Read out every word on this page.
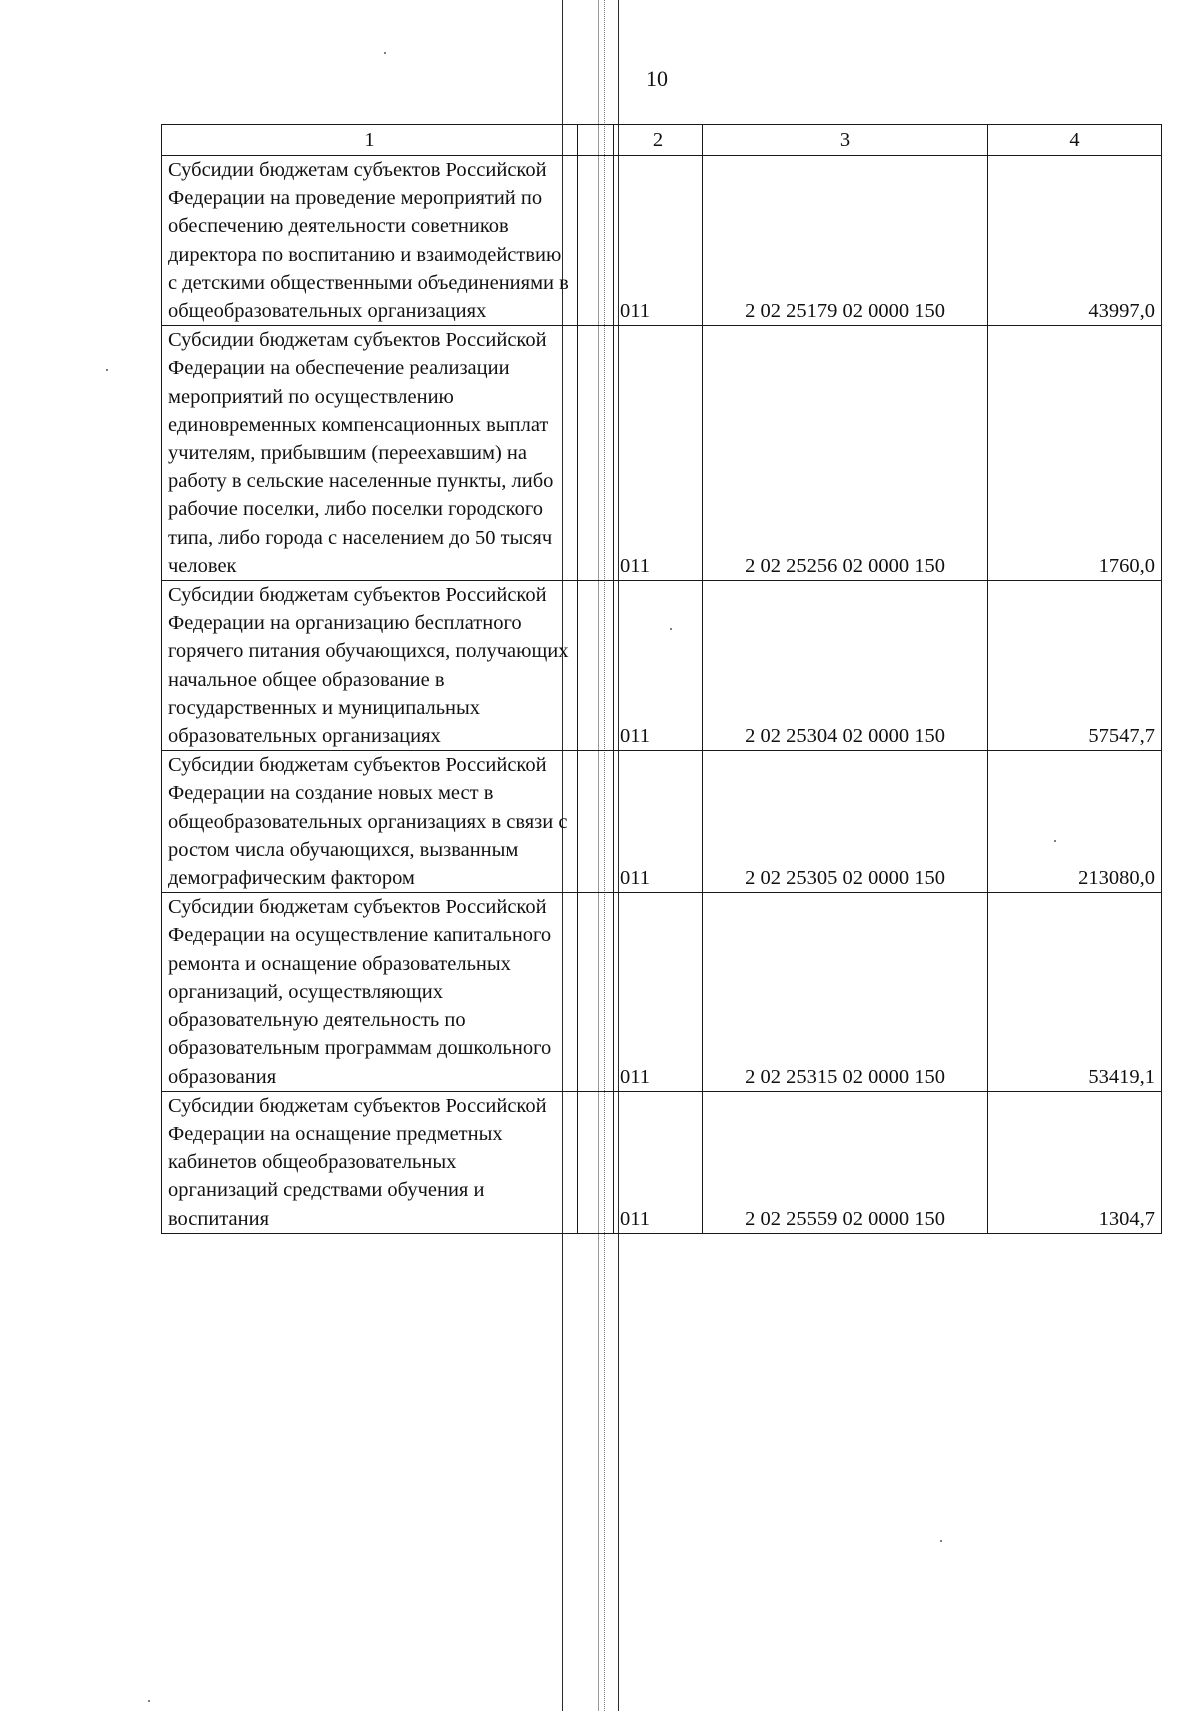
10
1		2	3	4
Субсидии бюджетам субъектов Российской Федерации на проведение мероприятий по обеспечению деятельности советников директора по воспитанию и взаимодействию с детскими общественными объединениями в общеобразовательных организациях		011	2 02 25179 02 0000 150	43997,0
Субсидии бюджетам субъектов Российской Федерации на обеспечение реализации мероприятий по осуществлению единовременных компенсационных выплат учителям, прибывшим (переехавшим) на работу в сельские населенные пункты, либо рабочие поселки, либо поселки городского типа, либо города с населением до 50 тысяч человек		011	2 02 25256 02 0000 150	1760,0
Субсидии бюджетам субъектов Российской Федерации на организацию бесплатного горячего питания обучающихся, получающих начальное общее образование в государственных и муниципальных образовательных организациях		011	2 02 25304 02 0000 150	57547,7
Субсидии бюджетам субъектов Российской Федерации на создание новых мест в общеобразовательных организациях в связи с ростом числа обучающихся, вызванным демографическим фактором		011	2 02 25305 02 0000 150	213080,0
Субсидии бюджетам субъектов Российской Федерации на осуществление капитального ремонта и оснащение образовательных организаций, осуществляющих образовательную деятельность по образовательным программам дошкольного образования		011	2 02 25315 02 0000 150	53419,1
Субсидии бюджетам субъектов Российской Федерации на оснащение предметных кабинетов общеобразовательных организаций средствами обучения и воспитания		011	2 02 25559 02 0000 150	1304,7
